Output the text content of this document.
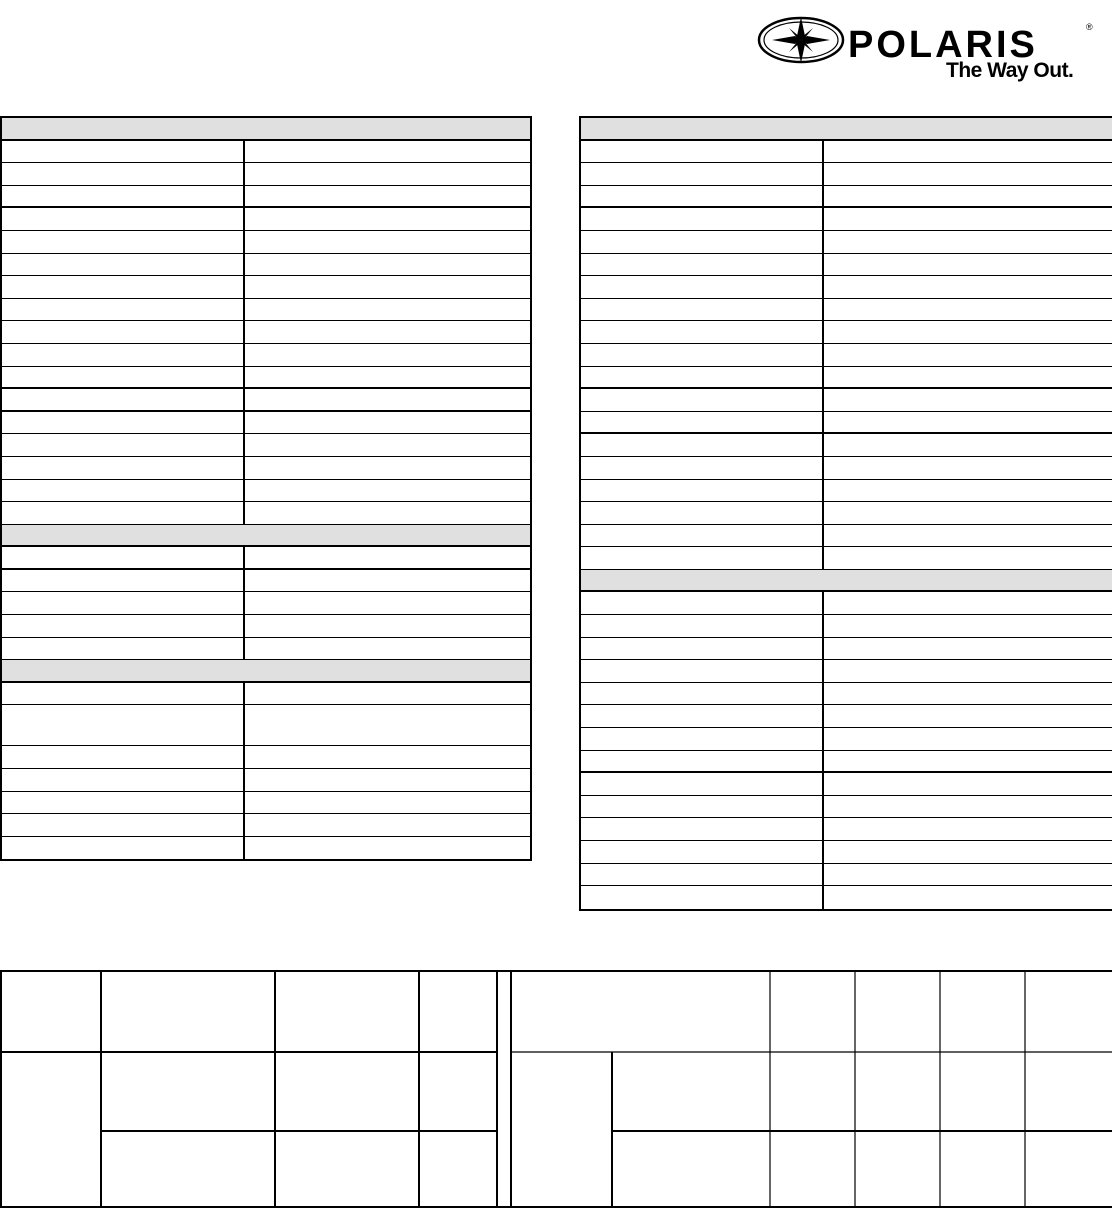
POLARIS	®
The Way Out.
